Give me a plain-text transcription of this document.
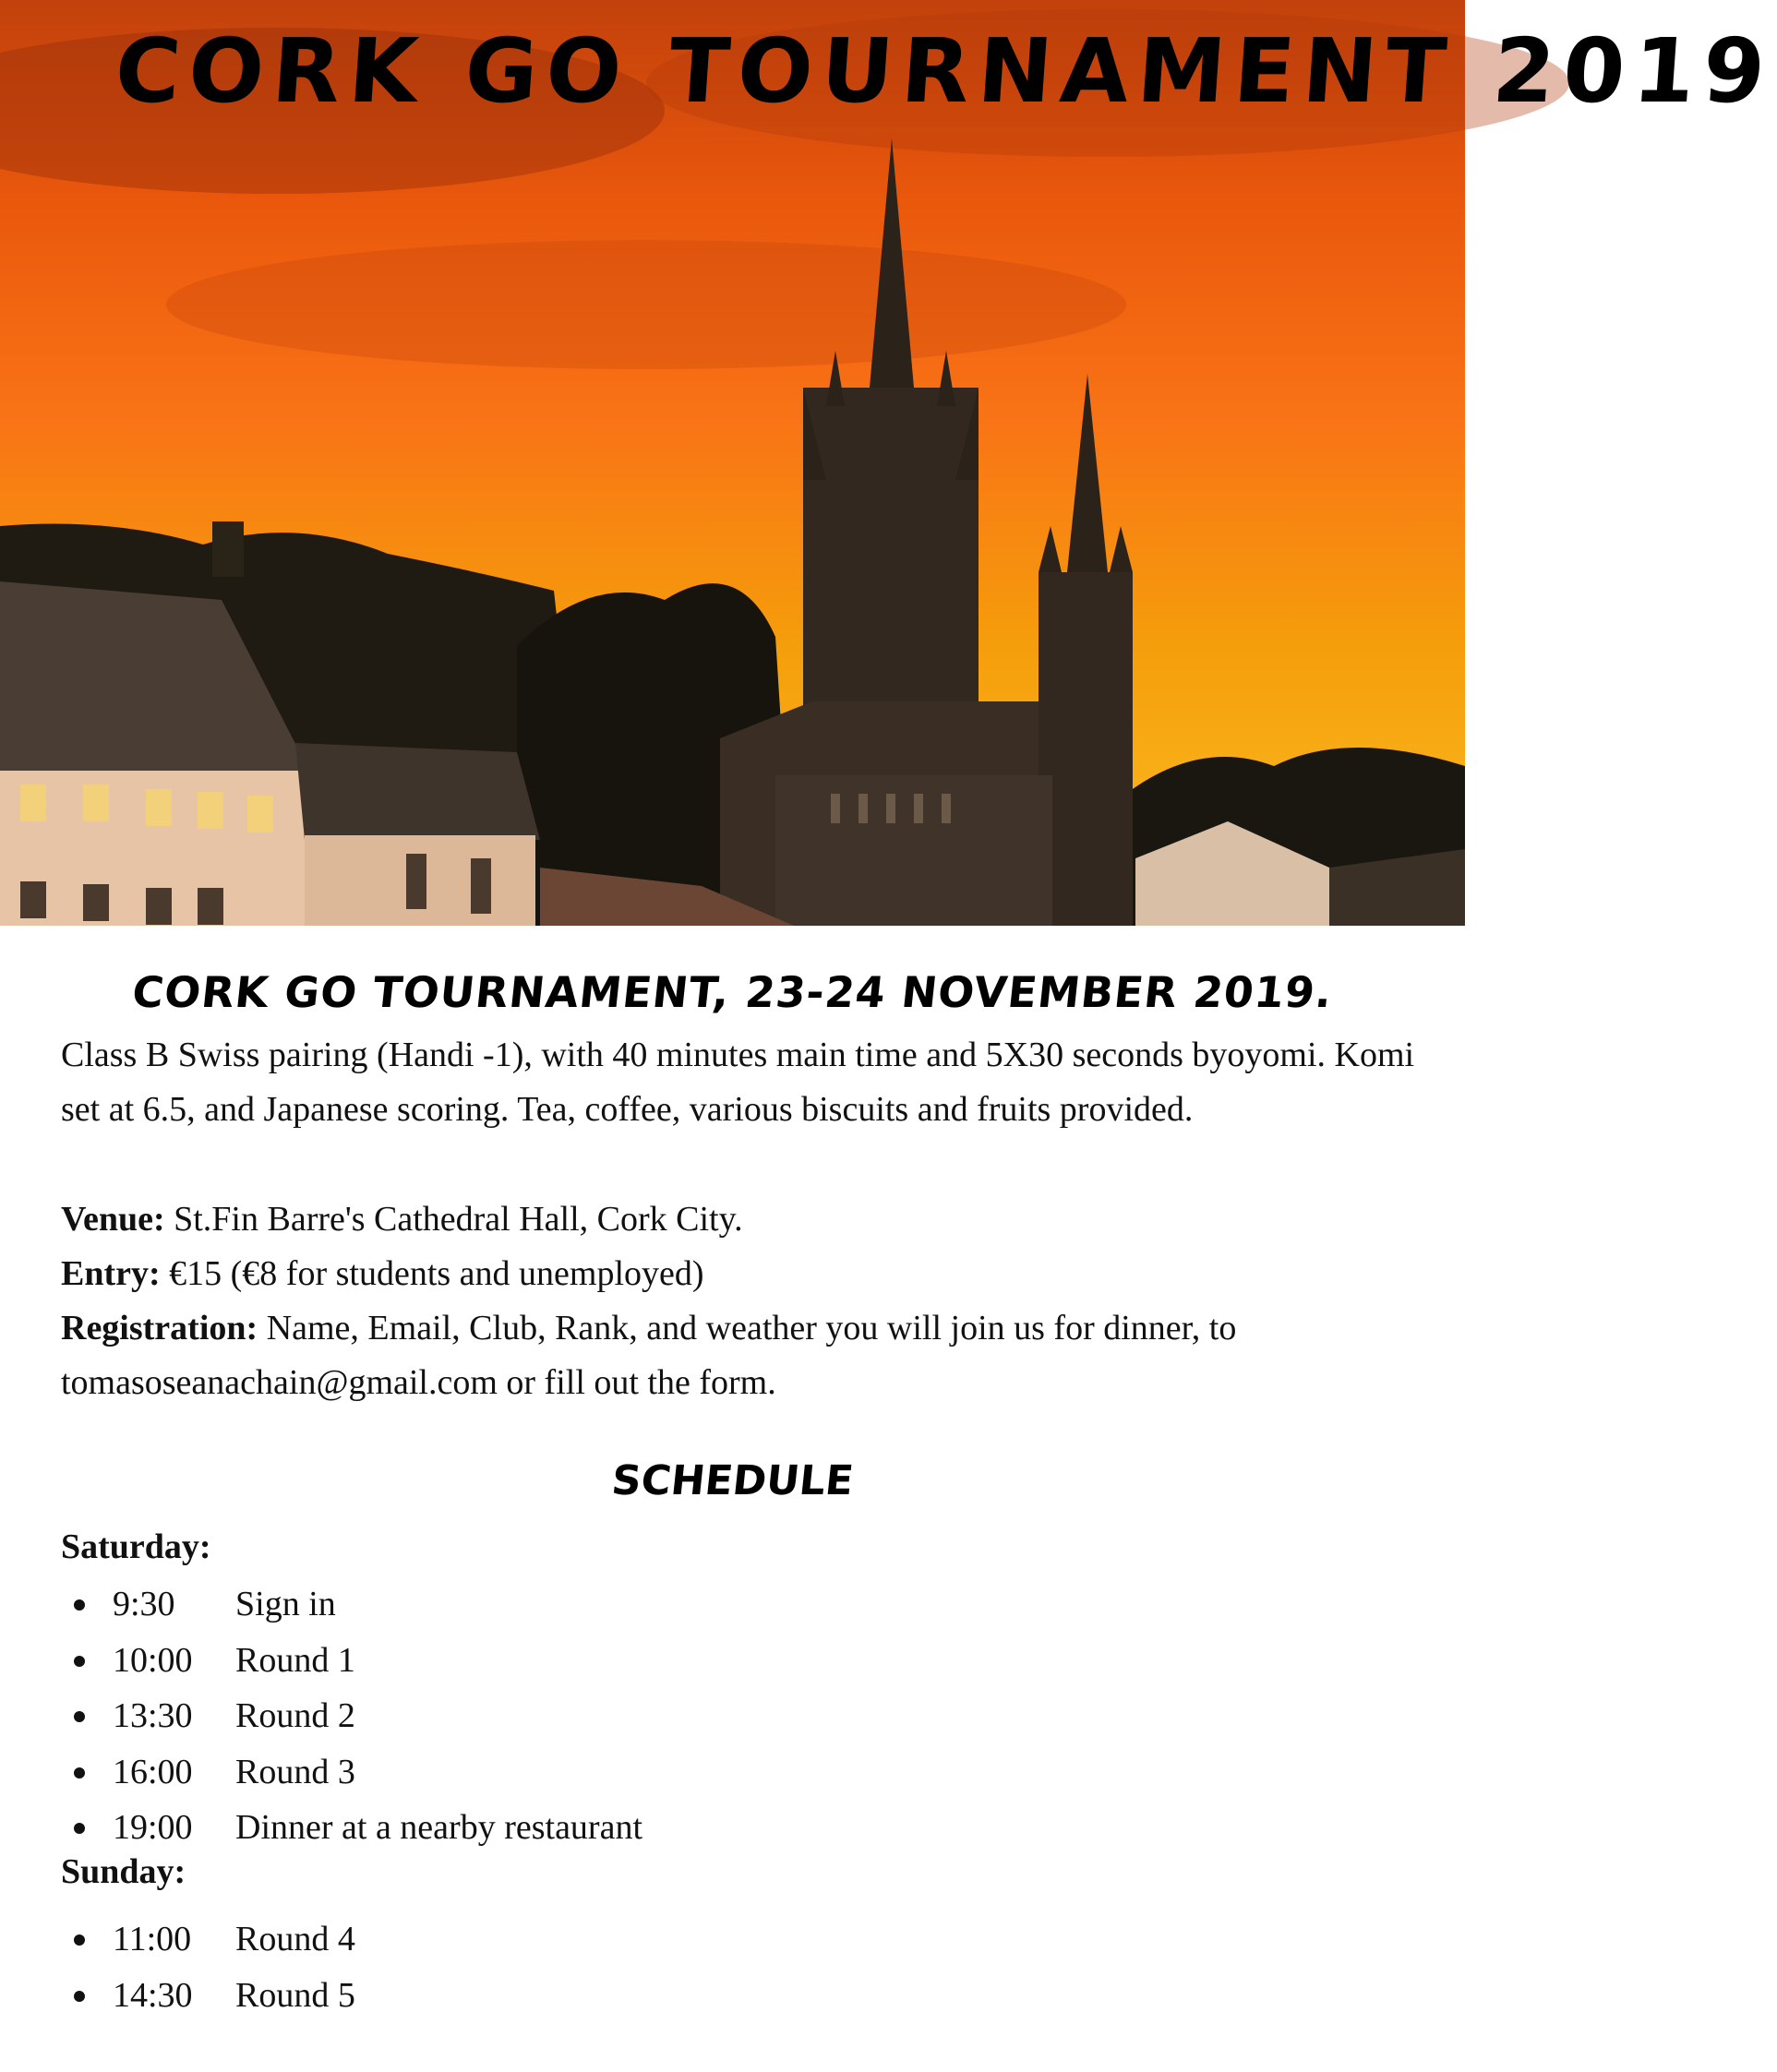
CORK GO TOURNAMENT 2019
CORK GO TOURNAMENT, 23-24 NOVEMBER 2019.

Class B Swiss pairing (Handi -1), with 40 minutes main time and 5X30 seconds byoyomi. Komi set at 6.5, and Japanese scoring. Tea, coffee, various biscuits and fruits provided.

Venue: St.Fin Barre's Cathedral Hall, Cork City.
Entry: €15 (€8 for students and unemployed)
Registration: Name, Email, Club, Rank, and weather you will join us for dinner, to tomasoseanachain@gmail.com or fill out the form.
SCHEDULE
Saturday:
9:30 Sign in
10:00 Round 1
13:30 Round 2
16:00 Round 3
19:00 Dinner at a nearby restaurant
Sunday:
11:00 Round 4
14:30 Round 5
